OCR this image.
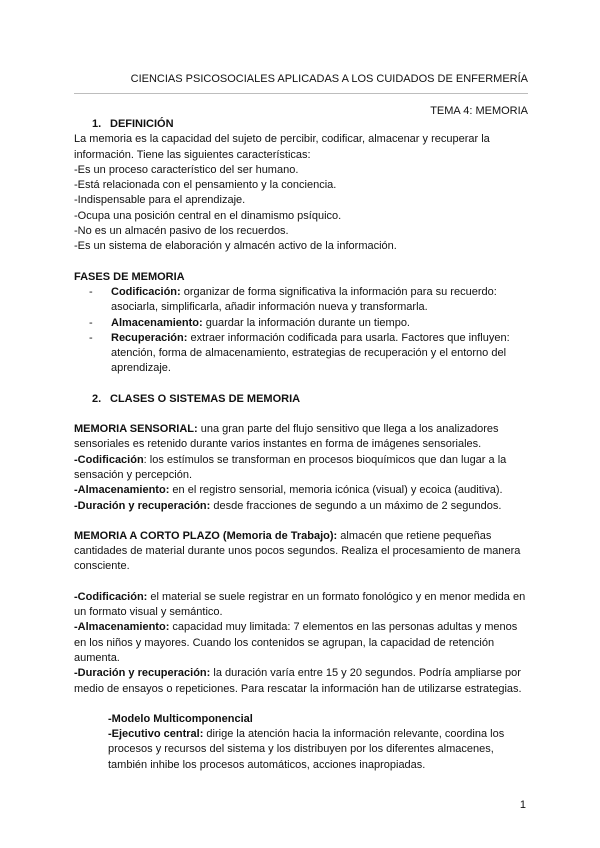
CIENCIAS PSICOSOCIALES APLICADAS A LOS CUIDADOS DE ENFERMERÍA
TEMA 4: MEMORIA
1. DEFINICIÓN

La memoria es la capacidad del sujeto de percibir, codificar, almacenar y recuperar la información. Tiene las siguientes características:

-Es un proceso característico del ser humano.

-Está relacionada con el pensamiento y la conciencia.

-Indispensable para el aprendizaje.

-Ocupa una posición central en el dinamismo psíquico.

-No es un almacén pasivo de los recuerdos.

-Es un sistema de elaboración y almacén activo de la información.

FASES DE MEMORIA

- Codificación: organizar de forma significativa la información para su recuerdo: asociarla, simplificarla, añadir información nueva y transformarla.
- Almacenamiento: guardar la información durante un tiempo.
- Recuperación: extraer información codificada para usarla. Factores que influyen: atención, forma de almacenamiento, estrategias de recuperación y el entorno del aprendizaje.
2. CLASES O SISTEMAS DE MEMORIA

MEMORIA SENSORIAL: una gran parte del flujo sensitivo que llega a los analizadores sensoriales es retenido durante varios instantes en forma de imágenes sensoriales.

-Codificación: los estímulos se transforman en procesos bioquímicos que dan lugar a la sensación y percepción.

-Almacenamiento: en el registro sensorial, memoria icónica (visual) y ecoica (auditiva).

-Duración y recuperación: desde fracciones de segundo a un máximo de 2 segundos.

MEMORIA A CORTO PLAZO (Memoria de Trabajo): almacén que retiene pequeñas cantidades de material durante unos pocos segundos. Realiza el procesamiento de manera consciente.

-Codificación: el material se suele registrar en un formato fonológico y en menor medida en un formato visual y semántico.

-Almacenamiento: capacidad muy limitada: 7 elementos en las personas adultas y menos en los niños y mayores. Cuando los contenidos se agrupan, la capacidad de retención aumenta.

-Duración y recuperación: la duración varía entre 15 y 20 segundos. Podría ampliarse por medio de ensayos o repeticiones. Para rescatar la información han de utilizarse estrategias.

-Modelo Multicomponencial

-Ejecutivo central: dirige la atención hacia la información relevante, coordina los procesos y recursos del sistema y los distribuyen por los diferentes almacenes, también inhibe los procesos automáticos, acciones inapropiadas.

1
